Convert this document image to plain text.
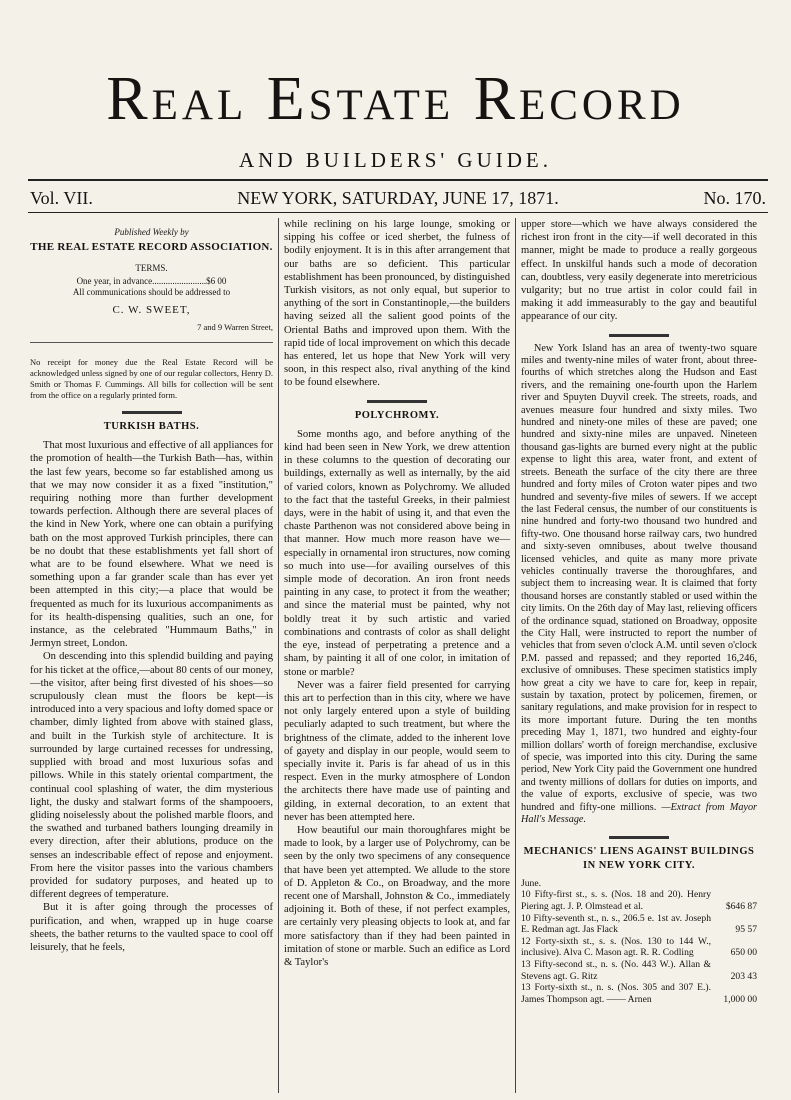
Real Estate Record
AND BUILDERS' GUIDE.
Vol. VII.	NEW YORK, SATURDAY, JUNE 17, 1871.	No. 170.
Published Weekly by
THE REAL ESTATE RECORD ASSOCIATION.
TERMS.
One year, in advance........................$6 00
All communications should be addressed to
C. W. SWEET,
7 and 9 Warren Street,
No receipt for money due the Real Estate Record will be acknowledged unless signed by one of our regular collectors, Henry D. Smith or Thomas F. Cummings. All bills for collection will be sent from the office on a regularly printed form.
TURKISH BATHS.

That most luxurious and effective of all appliances for the promotion of health—the Turkish Bath—has, within the last few years, become so far established among us that we may now consider it as a fixed "institution," requiring nothing more than further development towards perfection. Although there are several places of the kind in New York, where one can obtain a purifying bath on the most approved Turkish principles, there can be no doubt that these establishments yet fall short of what are to be found elsewhere. What we need is something upon a far grander scale than has ever yet been attempted in this city;—a place that would be frequented as much for its luxurious accompaniments as for its health-dispensing qualities, such an one, for instance, as the celebrated "Hummaum Baths," in Jermyn street, London.

On descending into this splendid building and paying for his ticket at the office,—about 80 cents of our money,—the visitor, after being first divested of his shoes—so scrupulously clean must the floors be kept—is introduced into a very spacious and lofty domed space or chamber, dimly lighted from above with stained glass, and built in the Turkish style of architecture. It is surrounded by large curtained recesses for undressing, supplied with broad and most luxurious sofas and pillows. While in this stately oriental compartment, the continual cool splashing of water, the dim mysterious light, the dusky and stalwart forms of the shampooers, gliding noiselessly about the polished marble floors, and the swathed and turbaned bathers lounging dreamily in every direction, after their ablutions, produce on the senses an indescribable effect of repose and enjoyment. From here the visitor passes into the various chambers provided for sudatory purposes, and heated up to different degrees of temperature.

But it is after going through the processes of purification, and when, wrapped up in huge coarse sheets, the bather returns to the vaulted space to cool off leisurely, that he feels,

while reclining on his large lounge, smoking or sipping his coffee or iced sherbet, the fulness of bodily enjoyment. It is in this after arrangement that our baths are so deficient. This particular establishment has been pronounced, by distinguished Turkish visitors, as not only equal, but superior to anything of the sort in Constantinople,—the builders having seized all the salient good points of the Oriental Baths and improved upon them. With the rapid tide of local improvement on which this decade has entered, let us hope that New York will very soon, in this respect also, rival anything of the kind to be found elsewhere.

POLYCHROMY.

Some months ago, and before anything of the kind had been seen in New York, we drew attention in these columns to the question of decorating our buildings, externally as well as internally, by the aid of varied colors, known as Polychromy. We alluded to the fact that the tasteful Greeks, in their palmiest days, were in the habit of using it, and that even the chaste Parthenon was not considered above being in that manner. How much more reason have we—especially in ornamental iron structures, now coming so much into use—for availing ourselves of this simple mode of decoration. An iron front needs painting in any case, to protect it from the weather; and since the material must be painted, why not boldly treat it by such artistic and varied combinations and contrasts of color as shall delight the eye, instead of perpetrating a pretence and a sham, by painting it all of one color, in imitation of stone or marble?

Never was a fairer field presented for carrying this art to perfection than in this city, where we have not only largely entered upon a style of building peculiarly adapted to such treatment, but where the brightness of the climate, added to the inherent love of gayety and display in our people, would seem to specially invite it. Paris is far ahead of us in this respect. Even in the murky atmosphere of London the architects there have made use of painting and gilding, in external decoration, to an extent that never has been attempted here.

How beautiful our main thoroughfares might be made to look, by a larger use of Polychromy, can be seen by the only two specimens of any consequence that have been yet attempted. We allude to the store of D. Appleton & Co., on Broadway, and the more recent one of Marshall, Johnston & Co., immediately adjoining it. Both of these, if not perfect examples, are certainly very pleasing objects to look at, and far more satisfactory than if they had been painted in imitation of stone or marble. Such an edifice as Lord & Taylor's

upper store—which we have always considered the richest iron front in the city—if well decorated in this manner, might be made to produce a really gorgeous effect. In unskilful hands such a mode of decoration can, doubtless, very easily degenerate into meretricious vulgarity; but no true artist in color could fail in making it add immeasurably to the gay and beautiful appearance of our city.

New York Island has an area of twenty-two square miles and twenty-nine miles of water front, about three-fourths of which stretches along the Hudson and East rivers, and the remaining one-fourth upon the Harlem river and Spuyten Duyvil creek. The streets, roads, and avenues measure four hundred and sixty miles. Two hundred and ninety-one miles of these are paved; one hundred and sixty-nine miles are unpaved. Nineteen thousand gas-lights are burned every night at the public expense to light this area, water front, and extent of streets. Beneath the surface of the city there are three hundred and forty miles of Croton water pipes and two hundred and seventy-five miles of sewers. If we accept the last Federal census, the number of our constituents is nine hundred and forty-two thousand two hundred and fifty-two. One thousand horse railway cars, two hundred and sixty-seven omnibuses, about twelve thousand licensed vehicles, and quite as many more private vehicles continually traverse the thoroughfares, and subject them to increasing wear. It is claimed that forty thousand horses are constantly stabled or used within the city limits. On the 26th day of May last, relieving officers of the ordinance squad, stationed on Broadway, opposite the City Hall, were instructed to report the number of vehicles that from seven o'clock A.M. until seven o'clock P.M. passed and repassed; and they reported 16,246, exclusive of omnibuses. These specimen statistics imply how great a city we have to care for, keep in repair, sustain by taxation, protect by policemen, firemen, or sanitary regulations, and make provision for in respect to its more important future. During the ten months preceding May 1, 1871, two hundred and eighty-four million dollars' worth of foreign merchandise, exclusive of specie, was imported into this city. During the same period, New York City paid the Government one hundred and twenty millions of dollars for duties on imports, and the value of exports, exclusive of specie, was two hundred and fifty-one millions. —Extract from Mayor Hall's Message.

MECHANICS' LIENS AGAINST BUILDINGS IN NEW YORK CITY.
June.
10 Fifty-first st., s. s. (Nos. 18 and 20). Henry Piering agt. J. P. Olmstead et al.	$646 87
10 Fifty-seventh st., n. s., 206.5 e. 1st av. Joseph E. Redman agt. Jas Flack	95 57
12 Forty-sixth st., s. s. (Nos. 130 to 144 W., inclusive). Alva C. Mason agt. R. R. Codling	650 00
13 Fifty-second st., n. s. (No. 443 W.). Allan & Stevens agt. G. Ritz	203 43
13 Forty-sixth st., n. s. (Nos. 305 and 307 E.). James Thompson agt. —— Arnen	1,000 00
